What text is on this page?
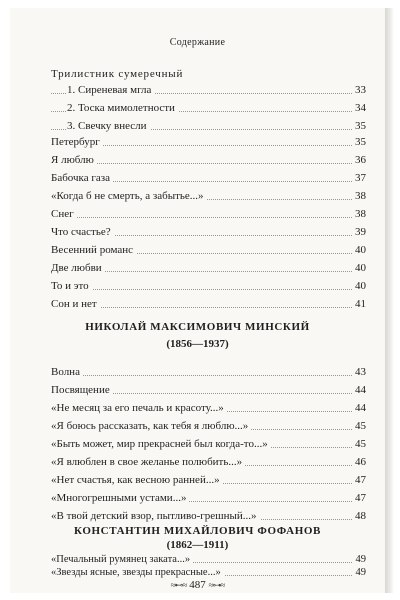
Содержание
Трилистник сумеречный
1. Сиреневая мгла	33
2. Тоска мимолетности	34
3. Свечку внесли	35
Петербург	35
Я люблю	36
Бабочка газа	37
«Когда б не смерть, а забытье...»	38
Снег	38
Что счастье?	39
Весенний романс	40
Две любви	40
То и это	40
Сон и нет	41
НИКОЛАЙ МАКСИМОВИЧ МИНСКИЙ
(1856—1937)
Волна	43
Посвящение	44
«Не месяц за его печаль и красоту...»	44
«Я боюсь рассказать, как тебя я люблю...»	45
«Быть может, мир прекрасней был когда-то...»	45
«Я влюблен в свое желанье полюбить...»	46
«Нет счастья, как весною ранней...»	47
«Многогрешными устами...»	47
«В твой детский взор, пытливо-грешный...»	48
КОНСТАНТИН МИХАЙЛОВИЧ ФОФАНОВ
≈⊷≈ 487 ≈⊶≈
(1862—1911)
«Печальный румянец заката...»	49
«Звезды ясные, звезды прекрасные...»	49
